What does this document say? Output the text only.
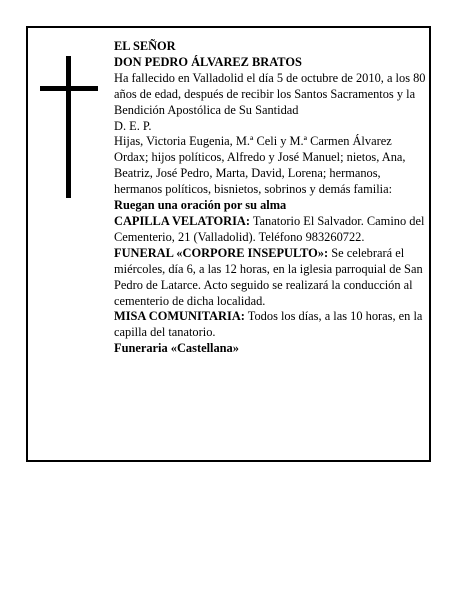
EL SEÑOR

DON PEDRO ÁLVAREZ BRATOS

Ha fallecido en Valladolid el día 5 de octubre de 2010, a los 80 años de edad, después de recibir los Santos Sacramentos y la Bendición Apostólica de Su Santidad

D. E. P.

Hijas, Victoria Eugenia, M.ª Celi y M.ª Carmen Álvarez Ordax; hijos políticos, Alfredo y José Manuel; nietos, Ana, Beatriz, José Pedro, Marta, David, Lorena; hermanos, hermanos políticos, bisnietos, sobrinos y demás familia:

Ruegan una oración por su alma

CAPILLA VELATORIA: Tanatorio El Salvador. Camino del Cementerio, 21 (Valladolid). Teléfono 983260722.

FUNERAL «CORPORE INSEPULTO»: Se celebrará el miércoles, día 6, a las 12 horas, en la iglesia parroquial de San Pedro de Latarce. Acto seguido se realizará la conducción al cementerio de dicha localidad.

MISA COMUNITARIA: Todos los días, a las 10 horas, en la capilla del tanatorio.

Funeraria «Castellana»
